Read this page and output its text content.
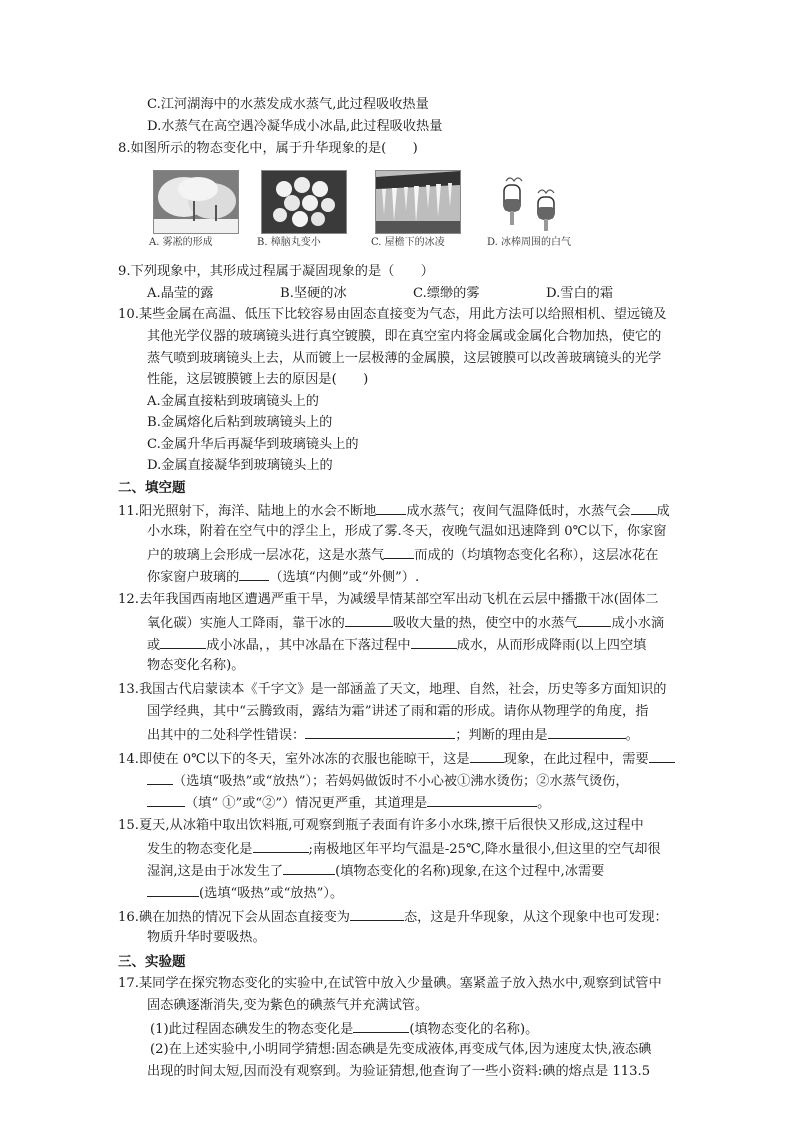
C.江河湖海中的水蒸发成水蒸气,此过程吸收热量
D.水蒸气在高空遇冷凝华成小冰晶,此过程吸收热量
8.如图所示的物态变化中，属于升华现象的是(　　)
A. 雾凇的形成	B. 樟脑丸变小	C. 屋檐下的冰凌	D. 冰棒周围的白气
9.下列现象中，其形成过程属于凝固现象的是（　　）
A.晶莹的露	B.坚硬的冰	C.缥缈的雾	D.雪白的霜
10.某些金属在高温、低压下比较容易由固态直接变为气态，用此方法可以给照相机、望远镜及
其他光学仪器的玻璃镜头进行真空镀膜，即在真空室内将金属或金属化合物加热，使它的
蒸气喷到玻璃镜头上去，从而镀上一层极薄的金属膜，这层镀膜可以改善玻璃镜头的光学
性能，这层镀膜镀上去的原因是(　　)
A.金属直接粘到玻璃镜头上的
B.金属熔化后粘到玻璃镜头上的
C.金属升华后再凝华到玻璃镜头上的
D.金属直接凝华到玻璃镜头上的
二、填空题
11.阳光照射下，海洋、陆地上的水会不断地 成水蒸气；夜间气温降低时，水蒸气会 成
小水珠，附着在空气中的浮尘上，形成了雾.冬天，夜晚气温如迅速降到 0℃以下，你家窗
户的玻璃上会形成一层冰花，这是水蒸气 而成的（均填物态变化名称），这层冰花在
你家窗户玻璃的 （选填“内侧”或“外侧”）.
12.去年我国西南地区遭遇严重干旱，为减缓旱情某部空军出动飞机在云层中播撒干冰(固体二
氧化碳）实施人工降雨，靠干冰的	吸收大量的热，使空中的水蒸气	成小水滴
或	成小冰晶，，其中冰晶在下落过程中	成水，从而形成降雨(以上四空填
物态变化名称)。
13.我国古代启蒙读本《千字文》是一部涵盖了天文，地理、自然，社会，历史等多方面知识的
国学经典，其中“云腾致雨，露结为霜”讲述了雨和霜的形成。请你从物理学的角度，指
出其中的二处科学性错误：	；判断的理由是	。
14.即使在 0℃以下的冬天，室外冰冻的衣服也能晾干，这是	现象，在此过程中，需要
（选填“吸热”或“放热”）；若妈妈做饭时不小心被①沸水烫伤；②水蒸气烫伤，
（填“ ①”或“②”）情况更严重，其道理是	。
15.夏天,从冰箱中取出饮料瓶,可观察到瓶子表面有许多小水珠,擦干后很快又形成,这过程中
发生的物态变化是	;南极地区年平均气温是-25℃,降水量很小,但这里的空气却很
湿润,这是由于冰发生了	(填物态变化的名称)现象,在这个过程中,冰需要
(选填“吸热”或“放热”）。
16.碘在加热的情况下会从固态直接变为	态，这是升华现象，从这个现象中也可发现：
物质升华时要吸热。
三、实验题
17.某同学在探究物态变化的实验中,在试管中放入少量碘。塞紧盖子放入热水中,观察到试管中
固态碘逐渐消失,变为紫色的碘蒸气并充满试管。
(1)此过程固态碘发生的物态变化是	(填物态变化的名称)。
(2)在上述实验中,小明同学猜想:固态碘是先变成液体,再变成气体,因为速度太快,液态碘
出现的时间太短,因而没有观察到。为验证猜想,他查询了一些小资料:碘的熔点是 113.5
